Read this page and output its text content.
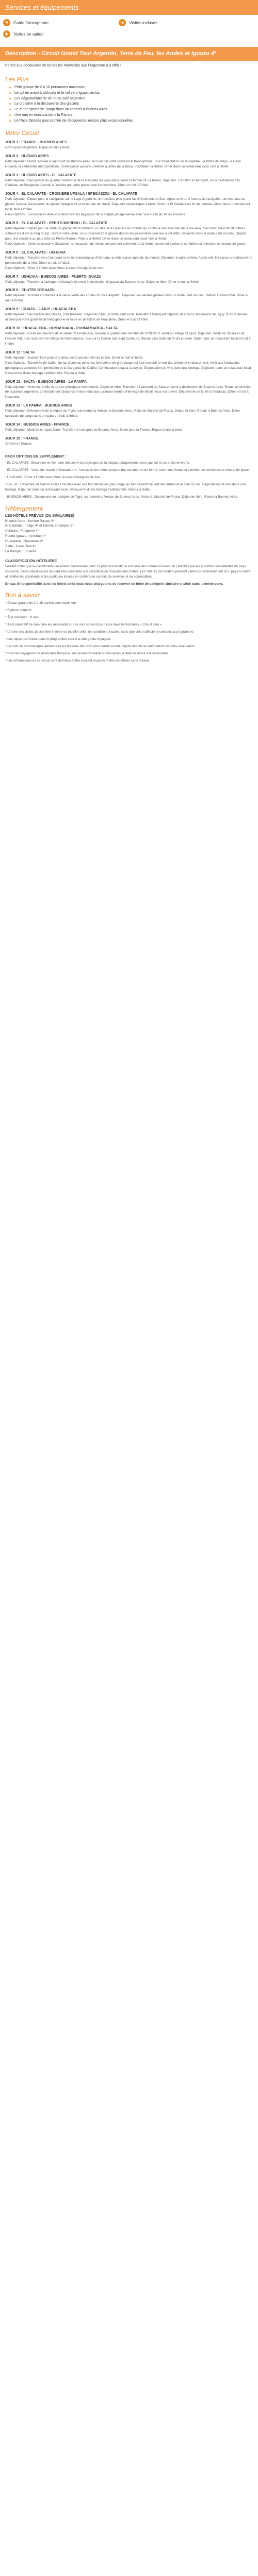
Services et équipements
⚑	Guide francophone	★	Visites incluses
✚	Visites en option
Description - Circuit Grand Tour Argentin, Terre de Feu, les Andes et Iguazu 4*

Partez à la découverte de toutes les merveilles que l'Argentine a à offrir !

Les Plus
■ Petit groupe de 2 à 16 personnes maximum
■ Le vol en avion à Ushuaïa et le vol vers Iguazu inclus
■ Les dégustations de vin et de café argentins
■ La croisière à la découverte des glaciers
■ Le dîner-spectacle Tango dans un cabaret à Buenos Aires
■ Une nuit en estancia dans la Pampa
■ Le Pack Options pour profiter de découvertes encore plus exceptionnelles
Votre Circuit

JOUR 1 : FRANCE - BUENOS AIRES

Envol pour l'Argentine. Repas et nuit à bord.

JOUR 2 : BUENOS AIRES

Petit-déjeuner à bord. Arrivée à l'aéroport de Buenos Aires. Accueil par votre guide local francophone. Tour d'orientation de la capitale : la Plaza de Mayo, la Casa Rosada, la cathédrale métropolitaine. Continuation jusqu'au célèbre quartier de la Boca. Installation à l'hôtel. Dîner dans un restaurant local. Nuit à l'hôtel.

JOUR 3 : BUENOS AIRES - EL CALAFATE

Petit-déjeuner. Découverte du quartier historique de la Recoleta où vous découvrirez la tombe d'Eva Perón. Déjeuner. Transfert à l'aéroport, vol à destination d'El Calafate, en Patagonie. Accueil à l'arrivée par votre guide local francophone. Dîner et nuit à l'hôtel.

JOUR 4 : EL CALAFATE - CROISIERE UPSALA / SPEGAZZINI - EL CALAFATE

Petit-déjeuner. Départ pour la navigation sur le Lago Argentino, le troisième plus grand lac d'Amérique du Sud. Après environ 2 heures de navigation, arrivée face au glacier Upsala. Découverte du glacier Spegazzini et de la baie de Onelli. Déjeuner panier-repas à bord. Retour à El Calafate en fin de journée. Dîner dans un restaurant local. Nuit à l'hôtel.
Pack Options : Excursion en 4x4 pour découvrir les paysages de la steppe patagonienne avec vue sur le lac et les environs.

JOUR 5 : EL CALAFATE - PERITO MORENO - EL CALAFATE

Petit-déjeuner. Départ pour la visite du glacier Perito Moreno, un des seuls glaciers au monde qui continue son avancée dans les eaux. Son front, haut de 60 mètres, s'étend sur 4 km le long du lac. Durant votre visite, vous observerez le glacier depuis les passerelles prévues à cet effet. Déjeuner dans le restaurant du parc. Départ pour une croisière au plus près du Perito Moreno. Retour à l'hôtel. Dîner dans un restaurant local. Nuit à l'hôtel.
Pack Options : Visite du musée « Glaciarium », l'occasion de mieux comprendre comment s'est formé, comment évolue et combien est immense ce champ de glace.

JOUR 6 : EL CALAFATE - USHUAIA

Petit-déjeuner. Transfert vers l'aéroport et envol à destination d'Ushuaïa, la ville la plus australe du monde. Déjeuner à votre arrivée. Après-midi libre pour une découverte personnelle de la ville. Dîner et nuit à l'hôtel.
Pack Options : Dîner à l'hôtel avec Menu à base d'Araignée de mer.

JOUR 7 : USHUAIA - BUENOS AIRES - PUERTO IGUAZU

Petit-déjeuner. Transfert à l'aéroport d'Ushuaïa et envol à destination d'Iguazu via Buenos Aires. Déjeuner libre. Dîner et nuit à l'hôtel.

JOUR 8 : CHUTES D'IGUAZU

Petit-déjeuner. Journée consacrée à la découverte des chutes du côté argentin. Déjeuner de viandes grillées dans un restaurant du parc. Retour à votre hôtel. Dîner et nuit à l'hôtel.

JOUR 9 : IGUAZU - JUJUY - HUACALERA

Petit-déjeuner. Découverte des chutes, côté brésilien. Déjeuner dans un restaurant local. Transfert à l'aéroport d'Iguazu et envol à destination de Jujuy. À votre arrivée, accueil par votre guide local francophone et route en direction de Huacalera. Dîner et nuit à l'hôtel.

JOUR 10 : HUACALERA - HUMAHUACA - PURMAMARCA - SALTA

Petit-déjeuner. Route en direction de la vallée d'Humahuaca, classée au patrimoine mondial de l'UNESCO. Arrêt au village d'Uquía. Déjeuner. Visite de Tilcara et de l'ancien fort, puis route vers le village de Purmamarca. Vue sur la Colline aux Sept Couleurs. Retour vers Salta en fin de journée. Dîner dans un restaurant local et nuit à l'hôtel.

JOUR 11 : SALTA

Petit-déjeuner. Journée libre pour une découverte personnelle de la ville. Dîner et nuit à l'hôtel.
Pack Options : Traversée du Cañon de las Conchas avec ses formations de grès rouge qui font ressortir le vert des arbres et le bleu du ciel. Arrêt aux formations géologiques appelées l'Amphithéâtre et la Garganta del Diablo. Continuation jusqu'à Cafayate. Dégustation de vins dans une bodega. Déjeuner dans un restaurant local. Découverte d'une bodega traditionnelle. Retour à Salta.

JOUR 12 : SALTA - BUENOS AIRES - LA PAMPA

Petit-déjeuner. Visite de la ville et de ses principaux monuments. Déjeuner libre. Transfert à l'aéroport de Salta et envol à destination de Buenos Aires. Route en direction de la pampa argentine. Le monde des Gauchos et des estancias, grandes fermes d'élevage de bétail, vous est ouvert. Découverte de la vie à l'estancia. Dîner et nuit à l'estancia.

JOUR 13 : LA PAMPA - BUENOS AIRES

Petit-déjeuner. Découverte de la région du Tigre, surnommé la Venise de Buenos Aires. Visite du Marché de Frutos. Déjeuner libre. Retour à Buenos Aires. Dîner-spectacle de tango dans un cabaret. Nuit à l'hôtel.

JOUR 14 : BUENOS AIRES - FRANCE

Petit-déjeuner. Matinée et repas libres. Transfert à l'aéroport de Buenos Aires. Envol pour la France. Repas et nuit à bord.

JOUR 15 : FRANCE

Arrivée en France.

PACK OPTIONS EN SUPPLÉMENT :

- EL CALAFATE : Excursion en 4x4 pour découvrir les paysages de la steppe patagonienne avec vue sur le lac et les environs.

- EL CALAFATE : Visite du musée « Glaciarium », l'occasion de mieux comprendre comment s'est formé, comment évolue et combien est immense ce champ de glace.

- USHUAIA : Dîner à l'hôtel avec Menu à base d'Araignée de mer.

- SALTA : Traversée du Cañon de las Conchas avec ses formations de grès rouge qui font ressortir le vert des arbres et le bleu du ciel. Dégustation de vins dans une bodega. Déjeuner dans un restaurant local. Découverte d'une bodega traditionnelle. Retour à Salta.

- BUENOS AIRES : Découverte de la région du Tigre, surnommé la Venise de Buenos Aires. Visite du Marché de Frutos. Déjeuner libre. Retour à Buenos Aires.

Hébergement

LES HÔTELS PRÉVUS (OU SIMILAIRES)

Buenos Aires : Kenton Palace 4*
El Calafate : Imago 4* et Edenia El Galpon 3*
Ushuaia : Fueguino 4*
Puerto Iguazu : Amerian 4*
Huacalera : Huacalera 4*
Salta : Casa Real 4*
La Pampa : En tente

CLASSIFICATION HÔTELIÈRE

Veuillez noter que la classification en étoiles mentionnée dans ce produit touristique est celle des normes locales (NL) établies par les autorités compétentes du pays concerné. Cette classification ne peut être comparée à la classification française des hôtels. Les critères de notation peuvent varier considérablement d'un pays à l'autre et refléter les standards et les pratiques locales en matière de confort, de services et de commodités.

En cas d'indisponibilité dans les hôtels cités nous nous chargerons de réserver un hôtel de catégorie similaire et situé dans la même zone.

Bon à savoir

* Départ garanti de 2 à 16 participants maximum

* Rythme soutenu

* Âge minimum : 8 ans

* Il est impératif de bien faire les réservations. Les vols ne sont pas inclus dans les formules « Circuit seul ».

* L'ordre des visites pourra être inversé ou modifié selon les conditions locales, sans que cela n'affecte le contenu du programme.

* Les repas non inclus dans le programme sont à la charge du voyageur.

* Le nom de la compagnie aérienne et les horaires des vols vous seront communiqués lors de la confirmation de votre réservation.

* Pour les voyageurs de nationalité française, un passeport valide 6 mois après la date de retour est nécessaire.

* Les informations de ce circuit sont données à titre indicatif et peuvent être modifiées sans préavis.
